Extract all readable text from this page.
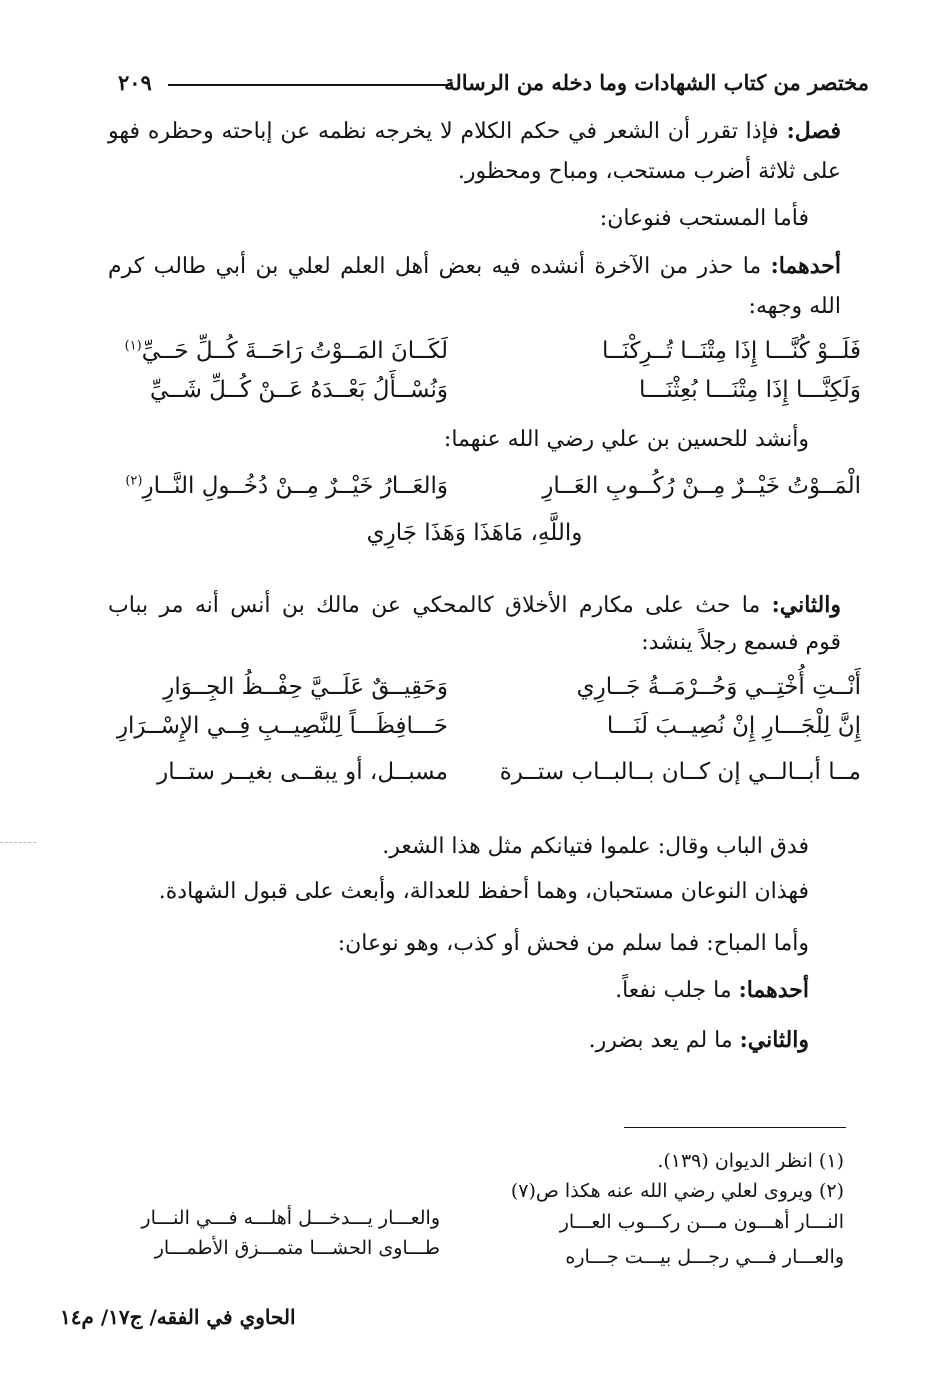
مختصر من كتاب الشهادات وما دخله من الرسالة
٢٠٩
فصل: فإذا تقرر أن الشعر في حكم الكلام لا يخرجه نظمه عن إباحته وحظره فهو
على ثلاثة أضرب مستحب، ومباح ومحظور.
فأما المستحب فنوعان:
أحدهما: ما حذر من الآخرة أنشده فيه بعض أهل العلم لعلي بن أبي طالب كرم
الله وجهه:
فَلَــوْ كُنَّـــا إِذَا مِتْنَــا تُــرِكْنَــا
لَكَــانَ المَــوْتُ رَاحَــةَ كُــلِّ حَــيِّ$^{(١)}$
وَلَكِنَّـــا إِذَا مِتْنَـــا بُعِثْنَـــا
وَنُسْــأَلُ بَعْــدَهُ عَــنْ كُــلِّ شَــيِّ
وأنشد للحسين بن علي رضي الله عنهما:
الْمَــوْتُ خَيْــرٌ مِــنْ رُكُــوبِ العَــارِ
وَالعَــارُ خَيْــرٌ مِــنْ دُخُــولِ النَّــارِ$^{(٢)}$
واللَّهِ، مَاهَذَا وَهَذَا جَارِي
والثاني: ما حث على مكارم الأخلاق كالمحكي عن مالك بن أنس أنه مر بباب
قوم فسمع رجلاً ينشد:
أَنْــتِ أُخْتِــي وَحُــرْمَــةُ جَــارِي
وَحَقِيــقٌ عَلَــيَّ حِفْــظُ الجِــوَارِ
إِنَّ لِلْجَـــارِ إِنْ نُصِيــبَ لَنَـــا
حَـــافِظَـــاً لِلنَّصِيــبِ فِــي الإِسْــرَارِ
مــا أبــالــي إن كــان بــالبــاب ستــرة
مسبــل، أو يبقــى بغيــر ستــار
فدق الباب وقال: علموا فتيانكم مثل هذا الشعر.
فهذان النوعان مستحبان، وهما أحفظ للعدالة، وأبعث على قبول الشهادة.
وأما المباح: فما سلم من فحش أو كذب، وهو نوعان:
أحدهما: ما جلب نفعاً.
والثاني: ما لم يعد بضرر.
(١) انظر الديوان (١٣٩).
(٢) ويروى لعلي رضي الله عنه هكذا ص(٧)
النـــار أهـــون مـــن ركـــوب العـــار
والعـــار يـــدخـــل أهلـــه فـــي النـــار
والعـــار فـــي رجـــل بيـــت جـــاره
طـــاوى الحشـــا متمـــزق الأطمـــار
الحاوي في الفقه/ ج١٧/ م١٤
